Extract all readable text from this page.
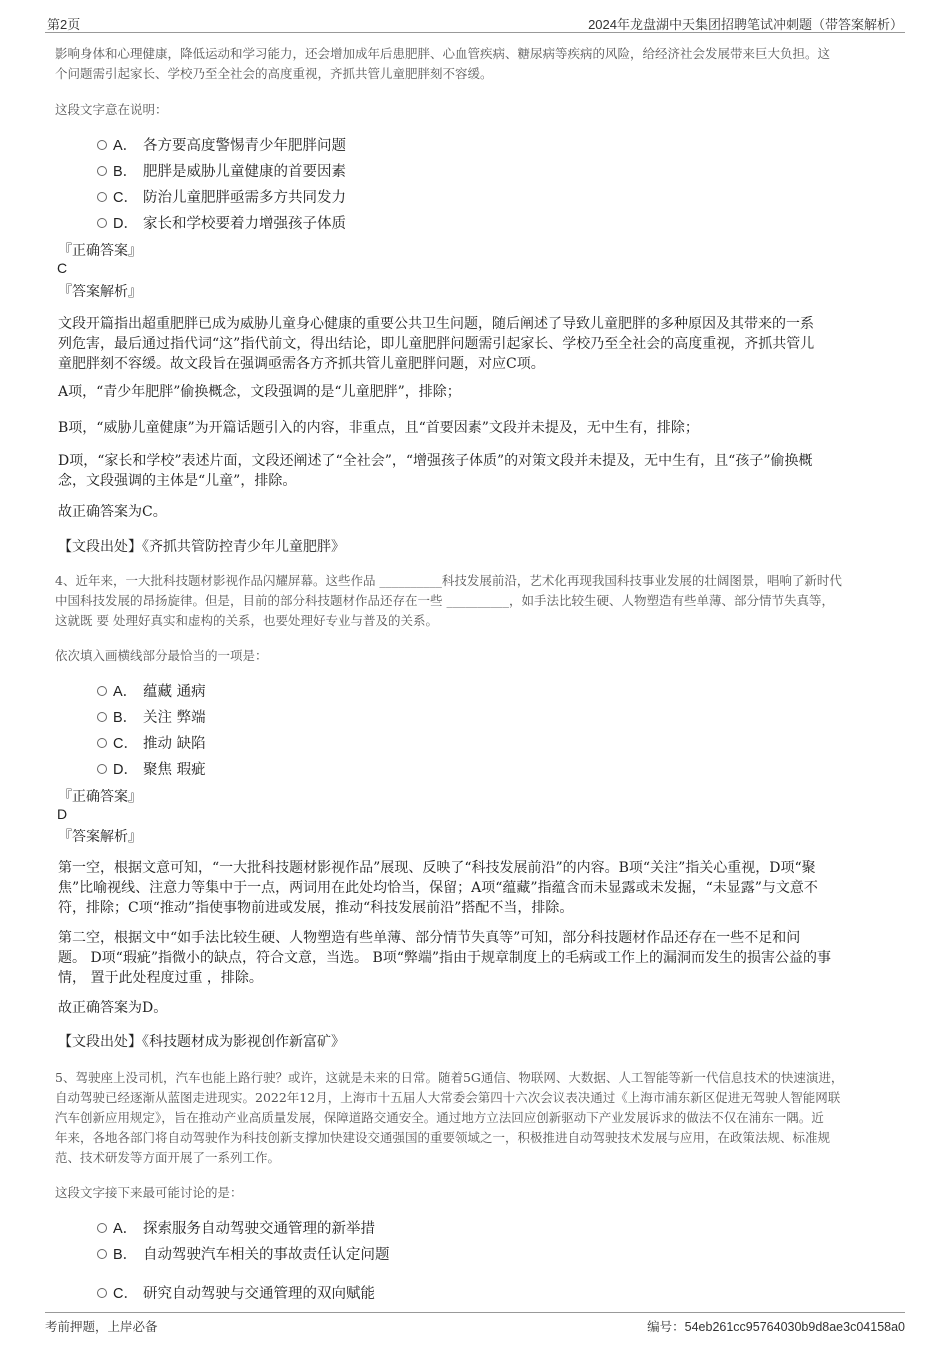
第2页	2024年龙盘湖中天集团招聘笔试冲刺题（带答案解析）

影响身体和心理健康，降低运动和学习能力，还会增加成年后患肥胖、心血管疾病、糖尿病等疾病的风险，给经济社会发展带来巨大负担。这
个问题需引起家长、学校乃至全社会的高度重视，齐抓共管儿童肥胖刻不容缓。

这段文字意在说明：

A． 各方要高度警惕青少年肥胖问题
B． 肥胖是威胁儿童健康的首要因素
C． 防治儿童肥胖亟需多方共同发力
D． 家长和学校要着力增强孩子体质
『正确答案』
C
『答案解析』

文段开篇指出超重肥胖已成为威胁儿童身心健康的重要公共卫生问题，随后阐述了导致儿童肥胖的多种原因及其带来的一系
列危害，最后通过指代词“这”指代前文，得出结论，即儿童肥胖问题需引起家长、学校乃至全社会的高度重视，齐抓共管儿
童肥胖刻不容缓。故文段旨在强调亟需各方齐抓共管儿童肥胖问题，对应C项。

A项，“青少年肥胖”偷换概念，文段强调的是“儿童肥胖”，排除；

B项，“威胁儿童健康”为开篇话题引入的内容，非重点，且“首要因素”文段并未提及，无中生有，排除；

D项，“家长和学校”表述片面，文段还阐述了“全社会”，“增强孩子体质”的对策文段并未提及，无中生有，且“孩子”偷换概
念，文段强调的主体是“儿童”，排除。

故正确答案为C。

【文段出处】《齐抓共管防控青少年儿童肥胖》

4、近年来，一大批科技题材影视作品闪耀屏幕。这些作品 __________科技发展前沿，艺术化再现我国科技事业发展的壮阔图景，唱响了新时代
中国科技发展的昂扬旋律。但是，目前的部分科技题材作品还存在一些 __________，如手法比较生硬、人物塑造有些单薄、部分情节失真等，
这就既 要 处理好真实和虚构的关系，也要处理好专业与普及的关系。

依次填入画横线部分最恰当的一项是：

A． 蕴藏 通病
B． 关注 弊端
C． 推动 缺陷
D． 聚焦 瑕疵
『正确答案』
D
『答案解析』

第一空，根据文意可知，“一大批科技题材影视作品”展现、反映了“科技发展前沿”的内容。B项“关注”指关心重视，D项“聚
焦”比喻视线、注意力等集中于一点，两词用在此处均恰当，保留；A项“蕴藏”指蕴含而未显露或未发掘，“未显露”与文意不
符，排除；C项“推动”指使事物前进或发展，推动“科技发展前沿”搭配不当，排除。

第二空，根据文中“如手法比较生硬、人物塑造有些单薄、部分情节失真等”可知，部分科技题材作品还存在一些不足和问
题。 D项“瑕疵”指微小的缺点，符合文意，当选。 B项“弊端”指由于规章制度上的毛病或工作上的漏洞而发生的损害公益的事
情， 置于此处程度过重 ，排除。

故正确答案为D。

【文段出处】《科技题材成为影视创作新富矿》

5、驾驶座上没司机，汽车也能上路行驶？或许，这就是未来的日常。随着5G通信、物联网、大数据、人工智能等新一代信息技术的快速演进，
自动驾驶已经逐渐从蓝图走进现实。2022年12月，上海市十五届人大常委会第四十六次会议表决通过《上海市浦东新区促进无驾驶人智能网联
汽车创新应用规定》，旨在推动产业高质量发展，保障道路交通安全。通过地方立法回应创新驱动下产业发展诉求的做法不仅在浦东一隅。近
年来，各地各部门将自动驾驶作为科技创新支撑加快建设交通强国的重要领域之一，积极推进自动驾驶技术发展与应用，在政策法规、标准规
范、技术研发等方面开展了一系列工作。

这段文字接下来最可能讨论的是：

A． 探索服务自动驾驶交通管理的新举措
B． 自动驾驶汽车相关的事故责任认定问题
C． 研究自动驾驶与交通管理的双向赋能
考前押题，上岸必备	编号：54eb261cc95764030b9d8ae3c04158a0
